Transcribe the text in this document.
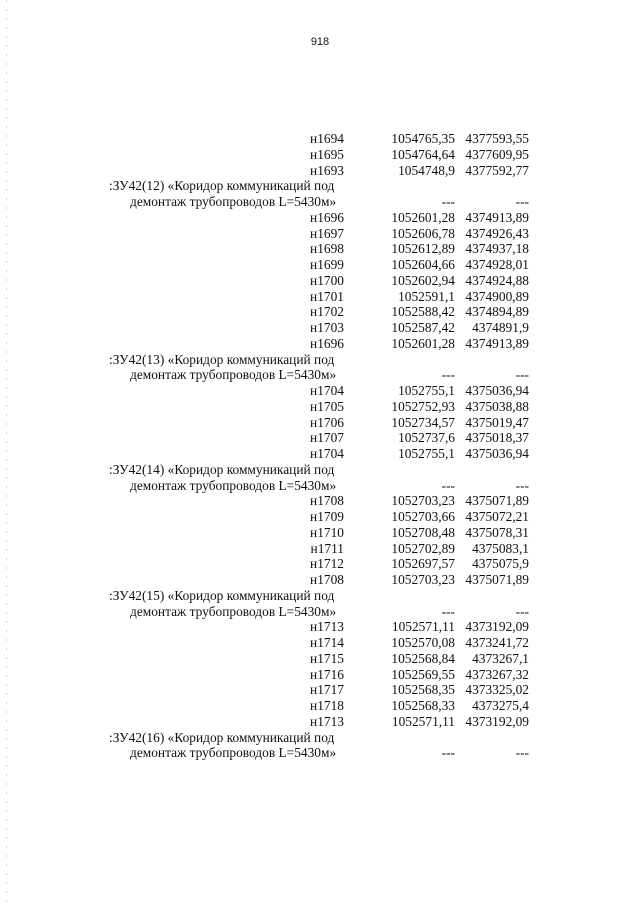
918
н1694	1054765,35 4377593,55
н1695	1054764,64 4377609,95
н1693	1054748,9 4377592,77
:ЗУ42(12) «Коридор коммуникаций под
демонтаж трубопроводов L=5430м»	---	---
н1696	1052601,28 4374913,89
н1697	1052606,78 4374926,43
н1698	1052612,89 4374937,18
н1699	1052604,66 4374928,01
н1700	1052602,94 4374924,88
н1701	1052591,1 4374900,89
н1702	1052588,42 4374894,89
н1703	1052587,42 4374891,9
н1696	1052601,28 4374913,89
:ЗУ42(13) «Коридор коммуникаций под
демонтаж трубопроводов L=5430м»	---	---
н1704	1052755,1 4375036,94
н1705	1052752,93 4375038,88
н1706	1052734,57 4375019,47
н1707	1052737,6 4375018,37
н1704	1052755,1 4375036,94
:ЗУ42(14) «Коридор коммуникаций под
демонтаж трубопроводов L=5430м»	---	---
н1708	1052703,23 4375071,89
н1709	1052703,66 4375072,21
н1710	1052708,48 4375078,31
н1711	1052702,89 4375083,1
н1712	1052697,57 4375075,9
н1708	1052703,23 4375071,89
:ЗУ42(15) «Коридор коммуникаций под
демонтаж трубопроводов L=5430м»	---	---
н1713	1052571,11 4373192,09
н1714	1052570,08 4373241,72
н1715	1052568,84 4373267,1
н1716	1052569,55 4373267,32
н1717	1052568,35 4373325,02
н1718	1052568,33 4373275,4
н1713	1052571,11 4373192,09
:ЗУ42(16) «Коридор коммуникаций под
демонтаж трубопроводов L=5430м»	---	---
